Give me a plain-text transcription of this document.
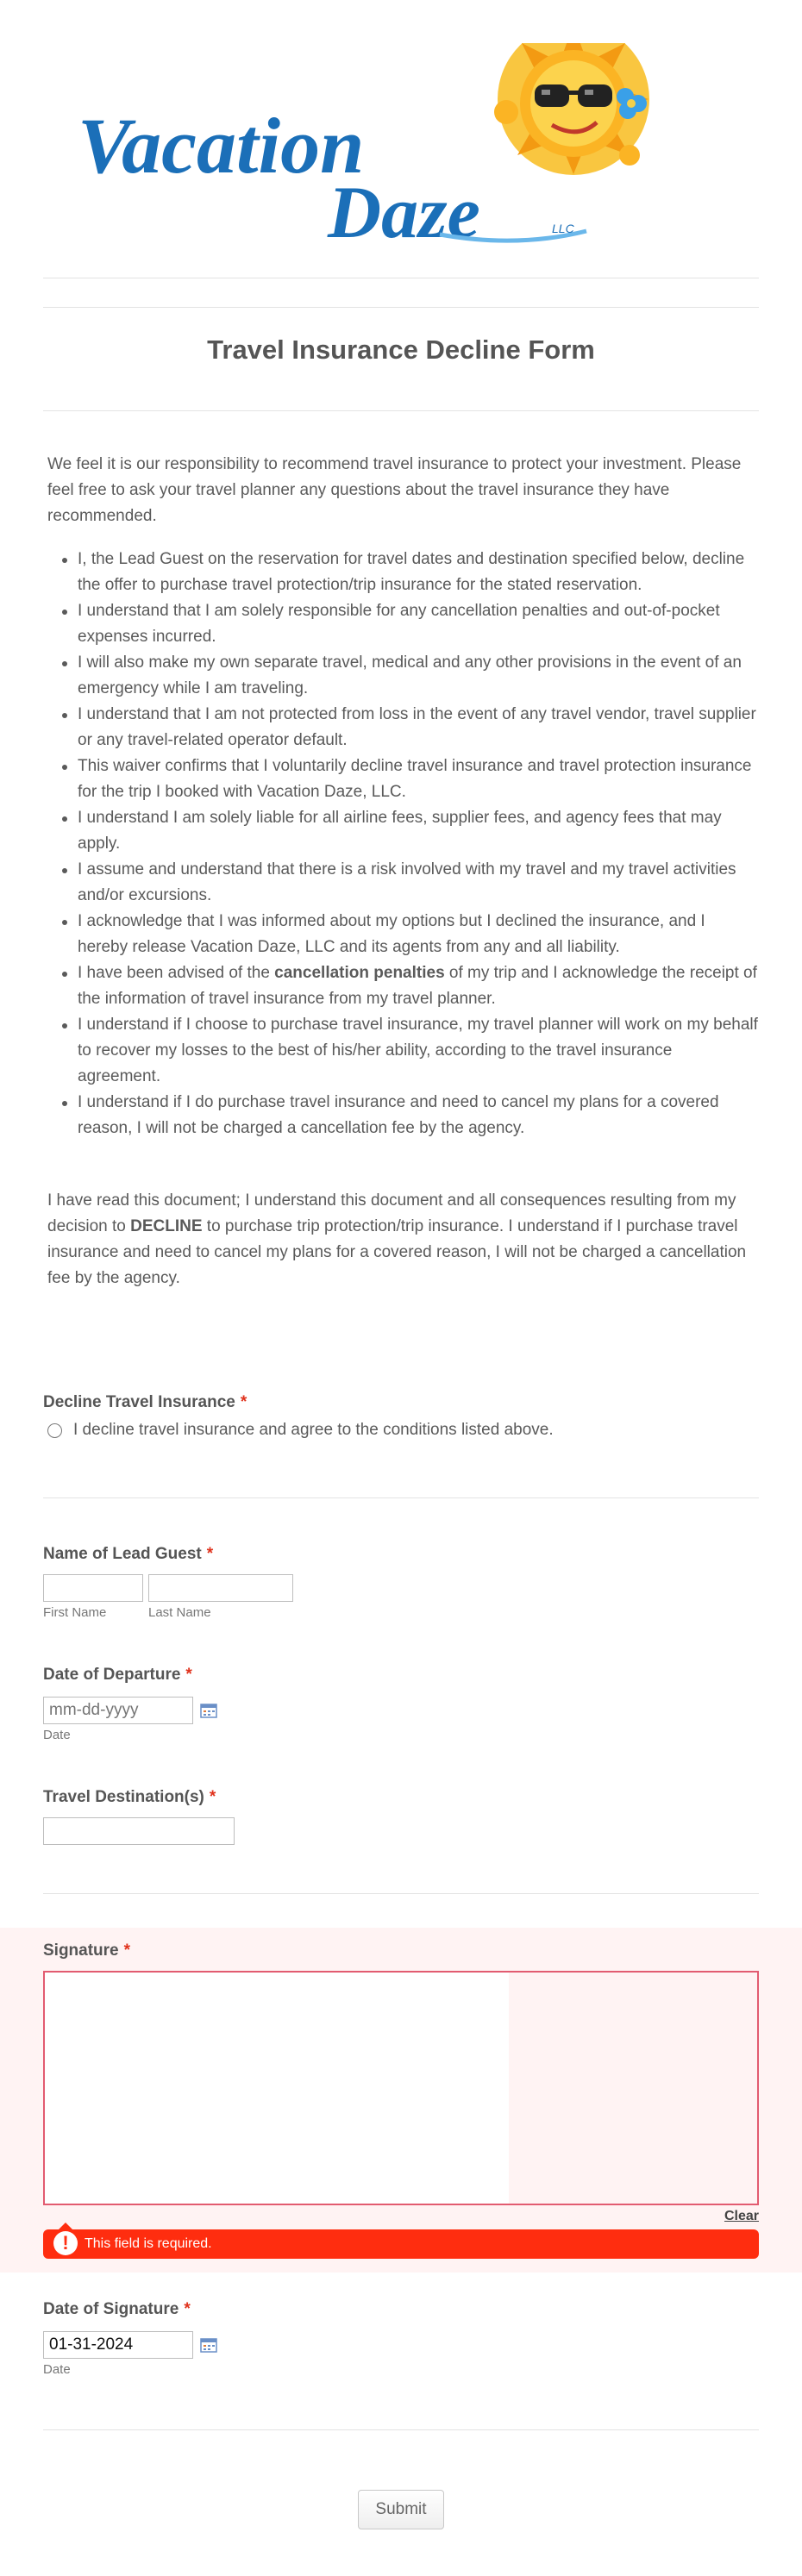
Vacation
Daze	LLC
Travel Insurance Decline Form

We feel it is our responsibility to recommend travel insurance to protect your investment. Please feel free to ask your travel planner any questions about the travel insurance they have recommended.

I, the Lead Guest on the reservation for travel dates and destination specified below, decline the offer to purchase travel protection/trip insurance for the stated reservation.
I understand that I am solely responsible for any cancellation penalties and out-of-pocket expenses incurred.
I will also make my own separate travel, medical and any other provisions in the event of an emergency while I am traveling.
I understand that I am not protected from loss in the event of any travel vendor, travel supplier or any travel-related operator default.
This waiver confirms that I voluntarily decline travel insurance and travel protection insurance for the trip I booked with Vacation Daze, LLC.
I understand I am solely liable for all airline fees, supplier fees, and agency fees that may apply.
I assume and understand that there is a risk involved with my travel and my travel activities and/or excursions.
I acknowledge that I was informed about my options but I declined the insurance, and I hereby release Vacation Daze, LLC and its agents from any and all liability.
I have been advised of the cancellation penalties of my trip and I acknowledge the receipt of the information of travel insurance from my travel planner.
I understand if I choose to purchase travel insurance, my travel planner will work on my behalf to recover my losses to the best of his/her ability, according to the travel insurance agreement.
I understand if I do purchase travel insurance and need to cancel my plans for a covered reason, I will not be charged a cancellation fee by the agency.

I have read this document; I understand this document and all consequences resulting from my decision to DECLINE to purchase trip protection/trip insurance. I understand if I purchase travel insurance and need to cancel my plans for a covered reason, I will not be charged a cancellation fee by the agency.

Decline Travel Insurance *
I decline travel insurance and agree to the conditions listed above.
Name of Lead Guest *
First Name	Last Name
Date of Departure *
mm-dd-yyyy
Date
Travel Destination(s) *
Signature *
Clear
!	This field is required.
Date of Signature *
01-31-2024
Date
Submit
